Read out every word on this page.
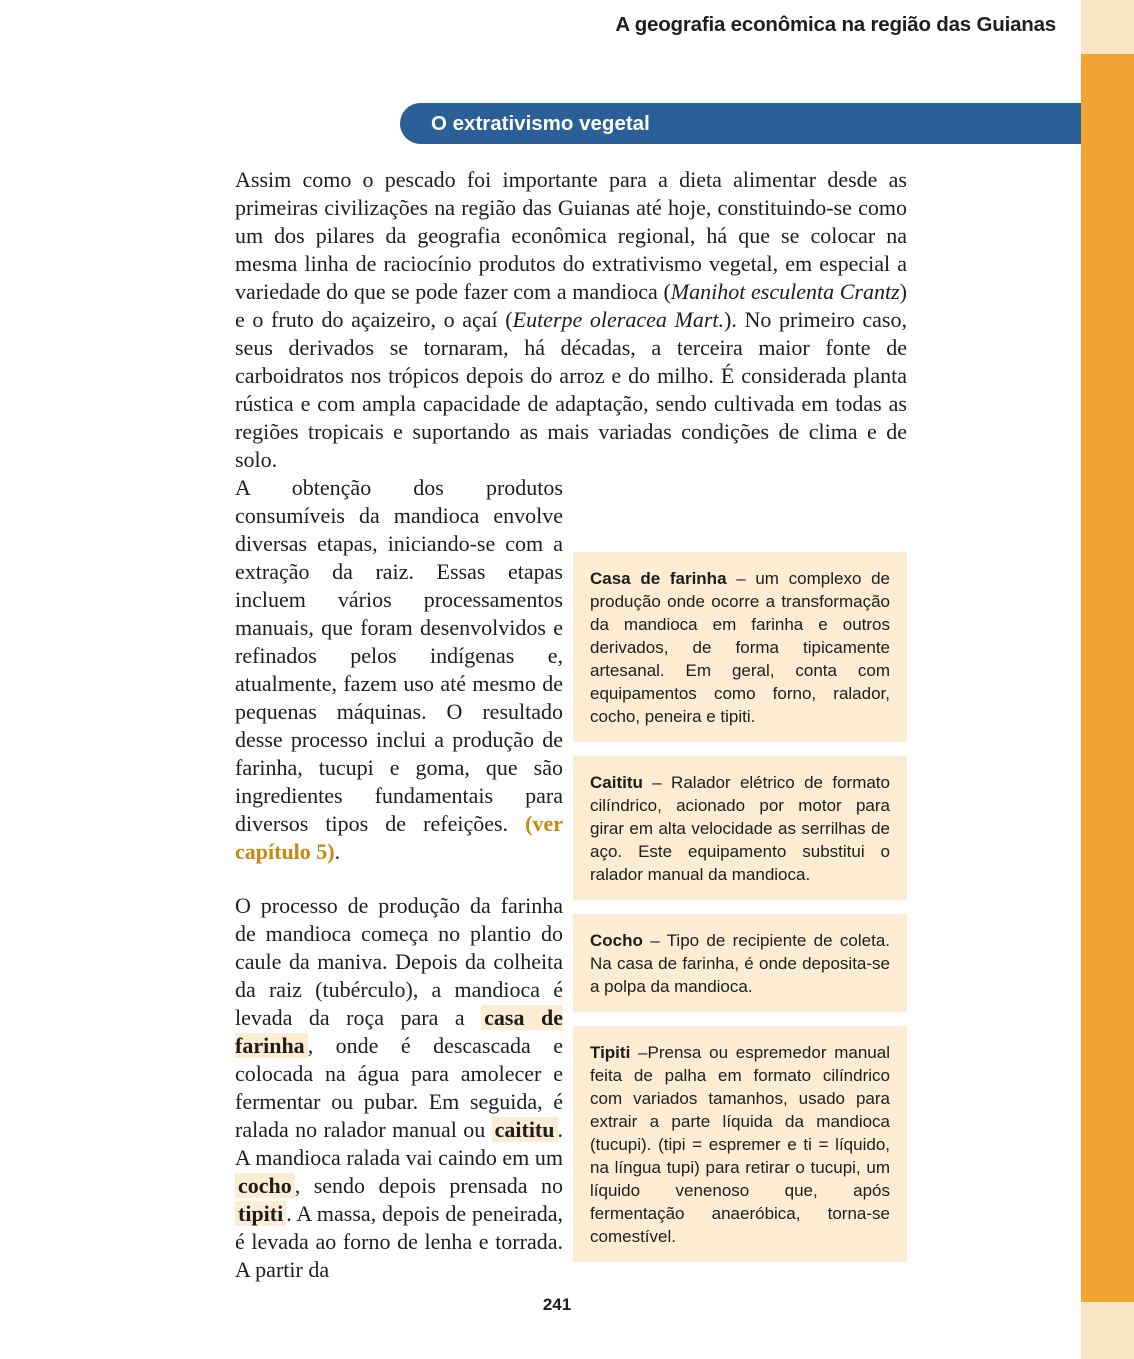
A geografia econômica na região das Guianas
O extrativismo vegetal

Assim como o pescado foi importante para a dieta alimentar desde as primeiras civilizações na região das Guianas até hoje, constituindo-se como um dos pilares da geografia econômica regional, há que se colocar na mesma linha de raciocínio produtos do extrativismo vegetal, em especial a variedade do que se pode fazer com a mandioca (Manihot esculenta Crantz) e o fruto do açaizeiro, o açaí (Euterpe oleracea Mart.). No primeiro caso, seus derivados se tornaram, há décadas, a terceira maior fonte de carboidratos nos trópicos depois do arroz e do milho. É considerada planta rústica e com ampla capacidade de adaptação, sendo cultivada em todas as regiões tropicais e suportando as mais variadas condições de clima e de solo.

Casa de farinha – um complexo de produção onde ocorre a transformação da mandioca em farinha e outros derivados, de forma tipicamente artesanal. Em geral, conta com equipamentos como forno, ralador, cocho, peneira e tipiti.
Caititu – Ralador elétrico de formato cilíndrico, acionado por motor para girar em alta velocidade as serrilhas de aço. Este equipamento substitui o ralador manual da mandioca.
Cocho – Tipo de recipiente de coleta. Na casa de farinha, é onde deposita-se a polpa da mandioca.
Tipiti –Prensa ou espremedor manual feita de palha em formato cilíndrico com variados tamanhos, usado para extrair a parte líquida da mandioca (tucupi). (tipi = espremer e ti = líquido, na língua tupi) para retirar o tucupi, um líquido venenoso que, após fermentação anaeróbica, torna-se comestível.

A obtenção dos produtos consumíveis da mandioca envolve diversas etapas, iniciando-se com a extração da raiz. Essas etapas incluem vários processamentos manuais, que foram desenvolvidos e refinados pelos indígenas e, atualmente, fazem uso até mesmo de pequenas máquinas. O resultado desse processo inclui a produção de farinha, tucupi e goma, que são ingredientes fundamentais para diversos tipos de refeições. (ver capítulo 5).

O processo de produção da farinha de mandioca começa no plantio do caule da maniva. Depois da colheita da raiz (tubérculo), a mandioca é levada da roça para a casa de farinha , onde é descascada e colocada na água para amolecer e fermentar ou pubar. Em seguida, é ralada no ralador manual ou caititu . A mandioca ralada vai caindo em um cocho , sendo depois prensada no tipiti . A massa, depois de peneirada, é levada ao forno de lenha e torrada. A partir da

241
